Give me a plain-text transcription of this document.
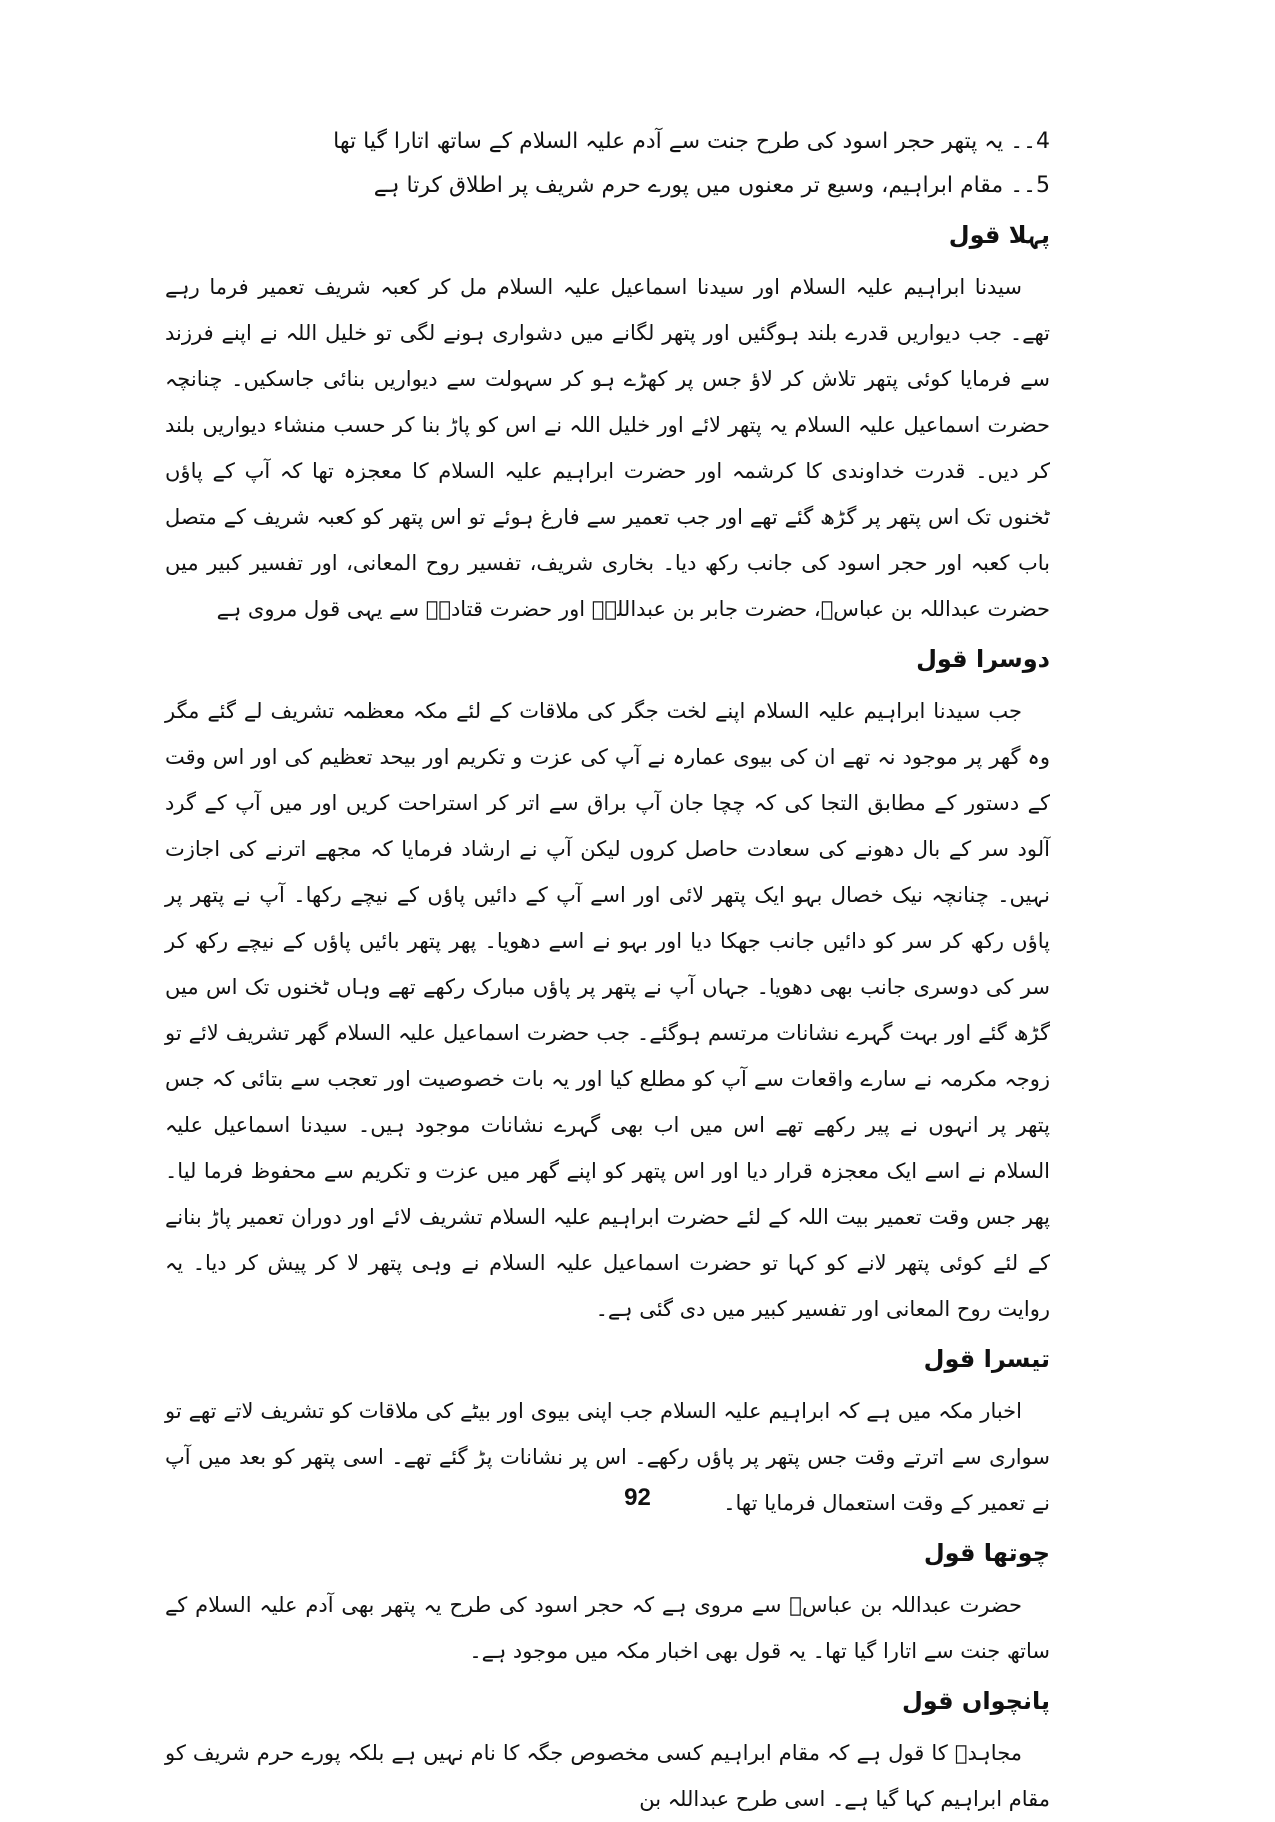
4۔۔ یہ پتھر حجر اسود کی طرح جنت سے آدم علیہ السلام کے ساتھ اتارا گیا تھا

5۔۔ مقام ابراہیم، وسیع تر معنوں میں پورے حرم شریف پر اطلاق کرتا ہے

پہلا قول

سیدنا ابراہیم علیہ السلام اور سیدنا اسماعیل علیہ السلام مل کر کعبہ شریف تعمیر فرما رہے تھے۔ جب دیواریں قدرے بلند ہوگئیں اور پتھر لگانے میں دشواری ہونے لگی تو خلیل اللہ نے اپنے فرزند سے فرمایا کوئی پتھر تلاش کر لاؤ جس پر کھڑے ہو کر سہولت سے دیواریں بنائی جاسکیں۔ چنانچہ حضرت اسماعیل علیہ السلام یہ پتھر لائے اور خلیل اللہ نے اس کو پاڑ بنا کر حسب منشاء دیواریں بلند کر دیں۔ قدرت خداوندی کا کرشمہ اور حضرت ابراہیم علیہ السلام کا معجزہ تھا کہ آپ کے پاؤں ٹخنوں تک اس پتھر پر گڑھ گئے تھے اور جب تعمیر سے فارغ ہوئے تو اس پتھر کو کعبہ شریف کے متصل باب کعبہ اور حجر اسود کی جانب رکھ دیا۔ بخاری شریف، تفسیر روح المعانی، اور تفسیر کبیر میں حضرت عبداللہ بن عباسؓ، حضرت جابر بن عبداللہؓ اور حضرت قتادہؒ سے یہی قول مروی ہے

دوسرا قول

جب سیدنا ابراہیم علیہ السلام اپنے لخت جگر کی ملاقات کے لئے مکہ معظمہ تشریف لے گئے مگر وہ گھر پر موجود نہ تھے ان کی بیوی عمارہ نے آپ کی عزت و تکریم اور بیحد تعظیم کی اور اس وقت کے دستور کے مطابق التجا کی کہ چچا جان آپ براق سے اتر کر استراحت کریں اور میں آپ کے گرد آلود سر کے بال دھونے کی سعادت حاصل کروں لیکن آپ نے ارشاد فرمایا کہ مجھے اترنے کی اجازت نہیں۔ چنانچہ نیک خصال بہو ایک پتھر لائی اور اسے آپ کے دائیں پاؤں کے نیچے رکھا۔ آپ نے پتھر پر پاؤں رکھ کر سر کو دائیں جانب جھکا دیا اور بہو نے اسے دھویا۔ پھر پتھر بائیں پاؤں کے نیچے رکھ کر سر کی دوسری جانب بھی دھویا۔ جہاں آپ نے پتھر پر پاؤں مبارک رکھے تھے وہاں ٹخنوں تک اس میں گڑھ گئے اور بہت گہرے نشانات مرتسم ہوگئے۔ جب حضرت اسماعیل علیہ السلام گھر تشریف لائے تو زوجہ مکرمہ نے سارے واقعات سے آپ کو مطلع کیا اور یہ بات خصوصیت اور تعجب سے بتائی کہ جس پتھر پر انہوں نے پیر رکھے تھے اس میں اب بھی گہرے نشانات موجود ہیں۔ سیدنا اسماعیل علیہ السلام نے اسے ایک معجزہ قرار دیا اور اس پتھر کو اپنے گھر میں عزت و تکریم سے محفوظ فرما لیا۔ پھر جس وقت تعمیر بیت اللہ کے لئے حضرت ابراہیم علیہ السلام تشریف لائے اور دوران تعمیر پاڑ بنانے کے لئے کوئی پتھر لانے کو کہا تو حضرت اسماعیل علیہ السلام نے وہی پتھر لا کر پیش کر دیا۔ یہ روایت روح المعانی اور تفسیر کبیر میں دی گئی ہے۔

تیسرا قول

اخبار مکہ میں ہے کہ ابراہیم علیہ السلام جب اپنی بیوی اور بیٹے کی ملاقات کو تشریف لاتے تھے تو سواری سے اترتے وقت جس پتھر پر پاؤں رکھے۔ اس پر نشانات پڑ گئے تھے۔ اسی پتھر کو بعد میں آپ نے تعمیر کے وقت استعمال فرمایا تھا۔

چوتھا قول

حضرت عبداللہ بن عباسؓ سے مروی ہے کہ حجر اسود کی طرح یہ پتھر بھی آدم علیہ السلام کے ساتھ جنت سے اتارا گیا تھا۔ یہ قول بھی اخبار مکہ میں موجود ہے۔

پانچواں قول

مجاہدؒ کا قول ہے کہ مقام ابراہیم کسی مخصوص جگہ کا نام نہیں ہے بلکہ پورے حرم شریف کو مقام ابراہیم کہا گیا ہے۔ اسی طرح عبداللہ بن

92
